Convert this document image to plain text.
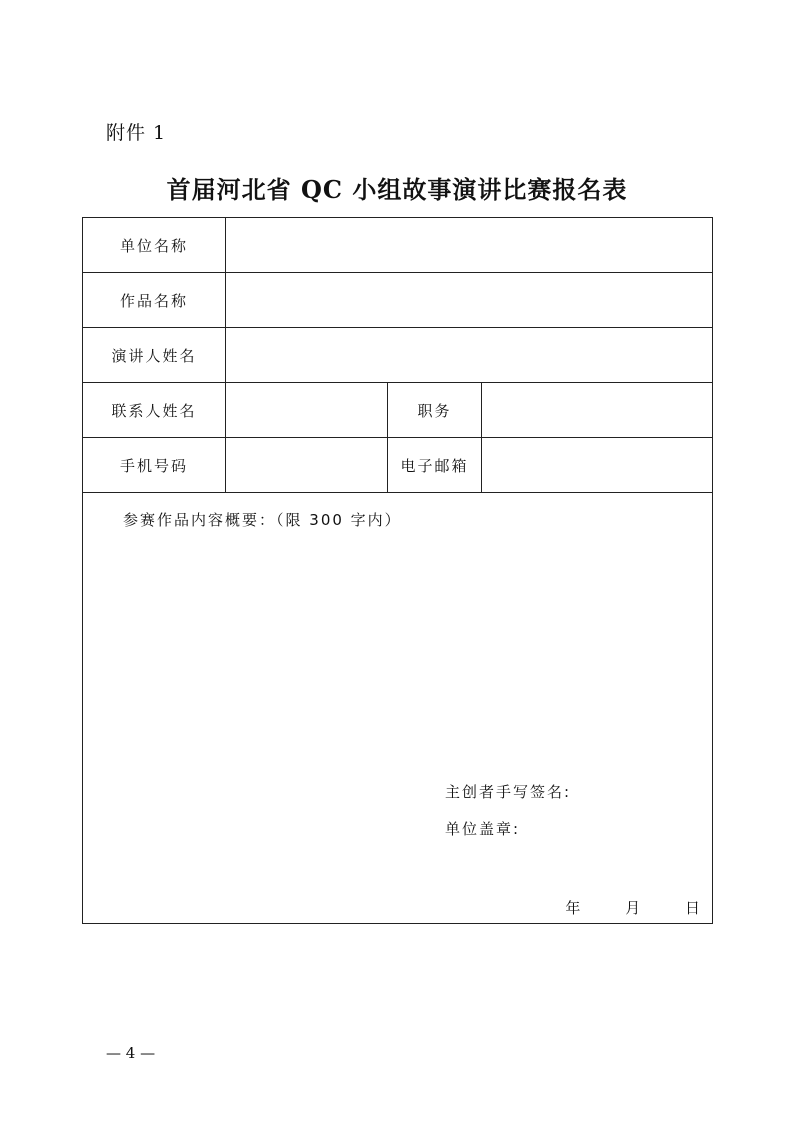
附件 1
首届河北省 QC 小组故事演讲比赛报名表
单位名称			
作品名称			
演讲人姓名			
联系人姓名		职务	
手机号码		电子邮箱	

参赛作品内容概要：（限 300 字内）
主创者手写签名:
单位盖章:
年 月 日			
— 4 —
